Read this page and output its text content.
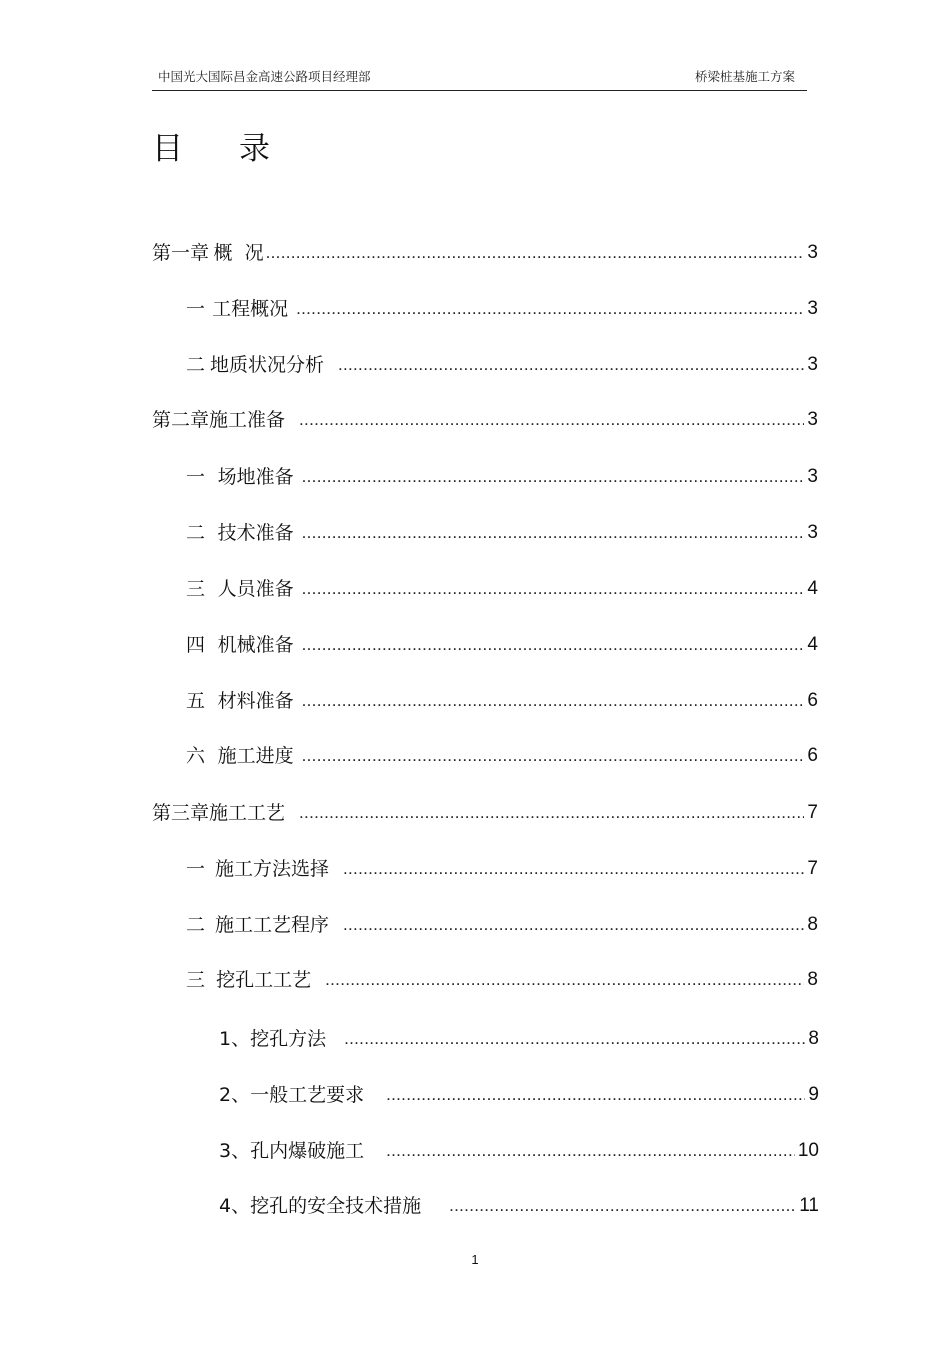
中国光大国际昌金高速公路项目经理部	桥梁桩基施工方案
目录
第一章 概  况 .....	3
一 工程概况 .....	3
二 地质状况分析 .....	3
第二章 施工准备 .....	3
一 场地准备 .....	3
二 技术准备 .....	3
三 人员准备 .....	4
四 机械准备 .....	4
五 材料准备 .....	6
六 施工进度 .....	6
第三章 施工工艺 .....	7
一 施工方法选择 .....	7
二 施工工艺程序 .....	8
三 挖孔工工艺 .....	8
1、 挖孔方法 .....	8
2、 一般工艺要求 .....	9
3、 孔内爆破施工 .....	10
4、 挖孔的安全技术措施 .....	11
1
